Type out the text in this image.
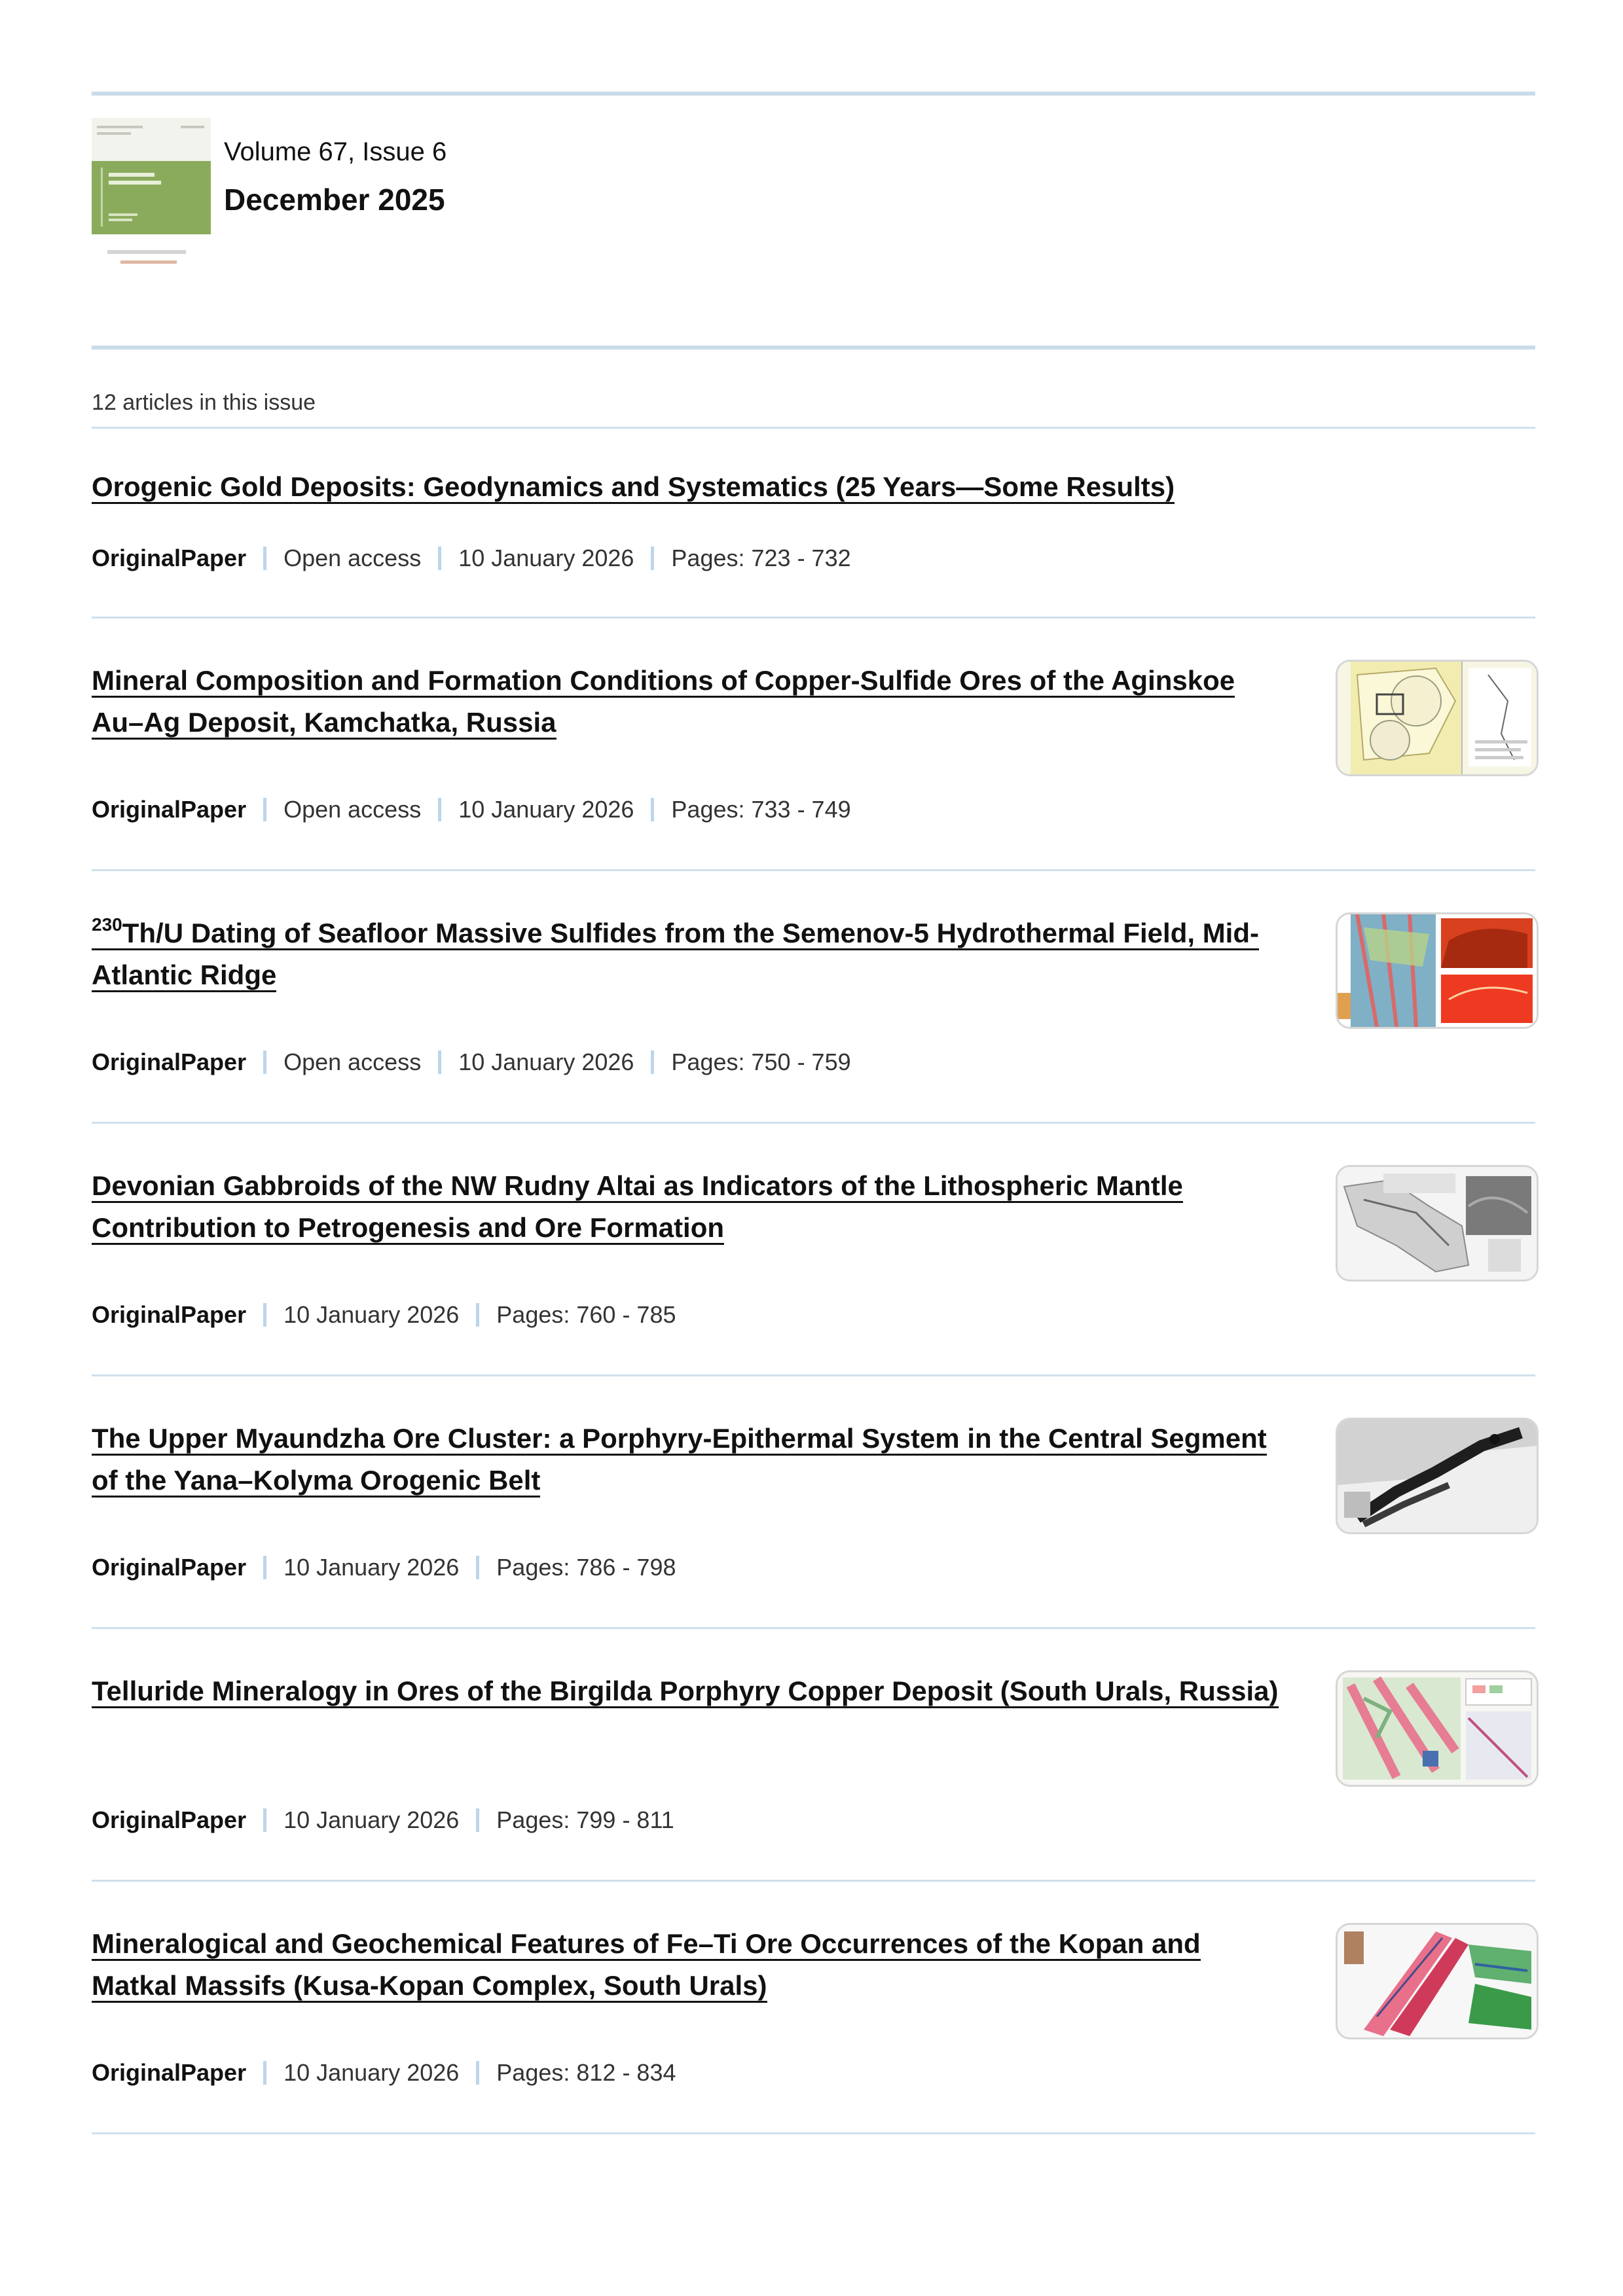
Volume 67, Issue 6
December 2025
12 articles in this issue
Orogenic Gold Deposits: Geodynamics and Systematics (25 Years—Some Results)
OriginalPaper Open access 10 January 2026 Pages: 723 - 732
Mineral Composition and Formation Conditions of Copper-Sulfide Ores of the Aginskoe Au–Ag Deposit, Kamchatka, Russia
OriginalPaper Open access 10 January 2026 Pages: 733 - 749
$^{230}$Th/U Dating of Seafloor Massive Sulfides from the Semenov-5 Hydrothermal Field, Mid-Atlantic Ridge
OriginalPaper Open access 10 January 2026 Pages: 750 - 759
Devonian Gabbroids of the NW Rudny Altai as Indicators of the Lithospheric Mantle Contribution to Petrogenesis and Ore Formation
OriginalPaper 10 January 2026 Pages: 760 - 785
The Upper Myaundzha Ore Cluster: a Porphyry-Epithermal System in the Central Segment of the Yana–Kolyma Orogenic Belt
OriginalPaper 10 January 2026 Pages: 786 - 798
Telluride Mineralogy in Ores of the Birgilda Porphyry Copper Deposit (South Urals, Russia)
OriginalPaper 10 January 2026 Pages: 799 - 811
Mineralogical and Geochemical Features of Fe–Ti Ore Occurrences of the Kopan and Matkal Massifs (Kusa-Kopan Complex, South Urals)
OriginalPaper 10 January 2026 Pages: 812 - 834
